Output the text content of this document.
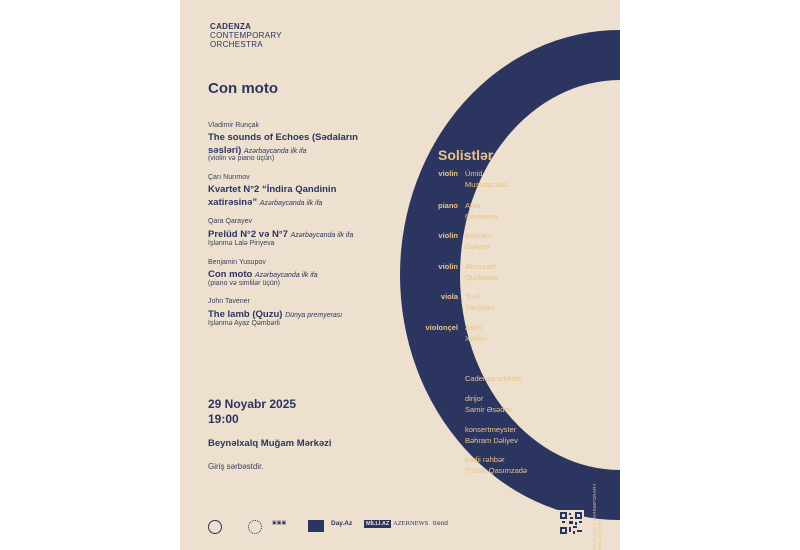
CADENZA
CONTEMPORARY
ORCHESTRA
Con moto
Vladimir Runçak
The sounds of Echoes (Sədaların
səsləri) Azərbaycanda ilk ifa
(violin və piano üçün)
Çarı Nurımov
Kvartet N°2 “İndira Qandinin
xatirəsinə” Azərbaycanda ilk ifa
Qara Qarayev
Prelüd N°2 və N°7 Azərbaycanda ilk ifa
İşlənmə Lalə Piriyeva
Benjamin Yusupov
Con moto Azərbaycanda ilk ifa
(piano və simlilər üçün)
John Tavener
The lamb (Quzu) Dünya premyerası
İşlənmə Ayaz Qəmbərli
29 Noyabr 2025
19:00
Beynəlxalq Muğam Mərkəzi
Giriş sərbəstdir.
Solistlər
violin Ümid
Mustafazadə
piano Afaq
Qarayeva
violin Bəhram
Dəliyev
violin Akmurad
Qurbanov
viola Toyli
Yaxşıyev
violonçel Asim
Xəlilov
Cadenza orkestri
dirijor
Samir Əsədov
konsertmeyster
Bəhram Dəliyev
bədii rəhbər
Türkər Qasımzadə
CADENZA CONTEMPORARY ORCHESTRA
▣▣▣	Day.Az	MİLLİ.AZ AZERNEWS trend
